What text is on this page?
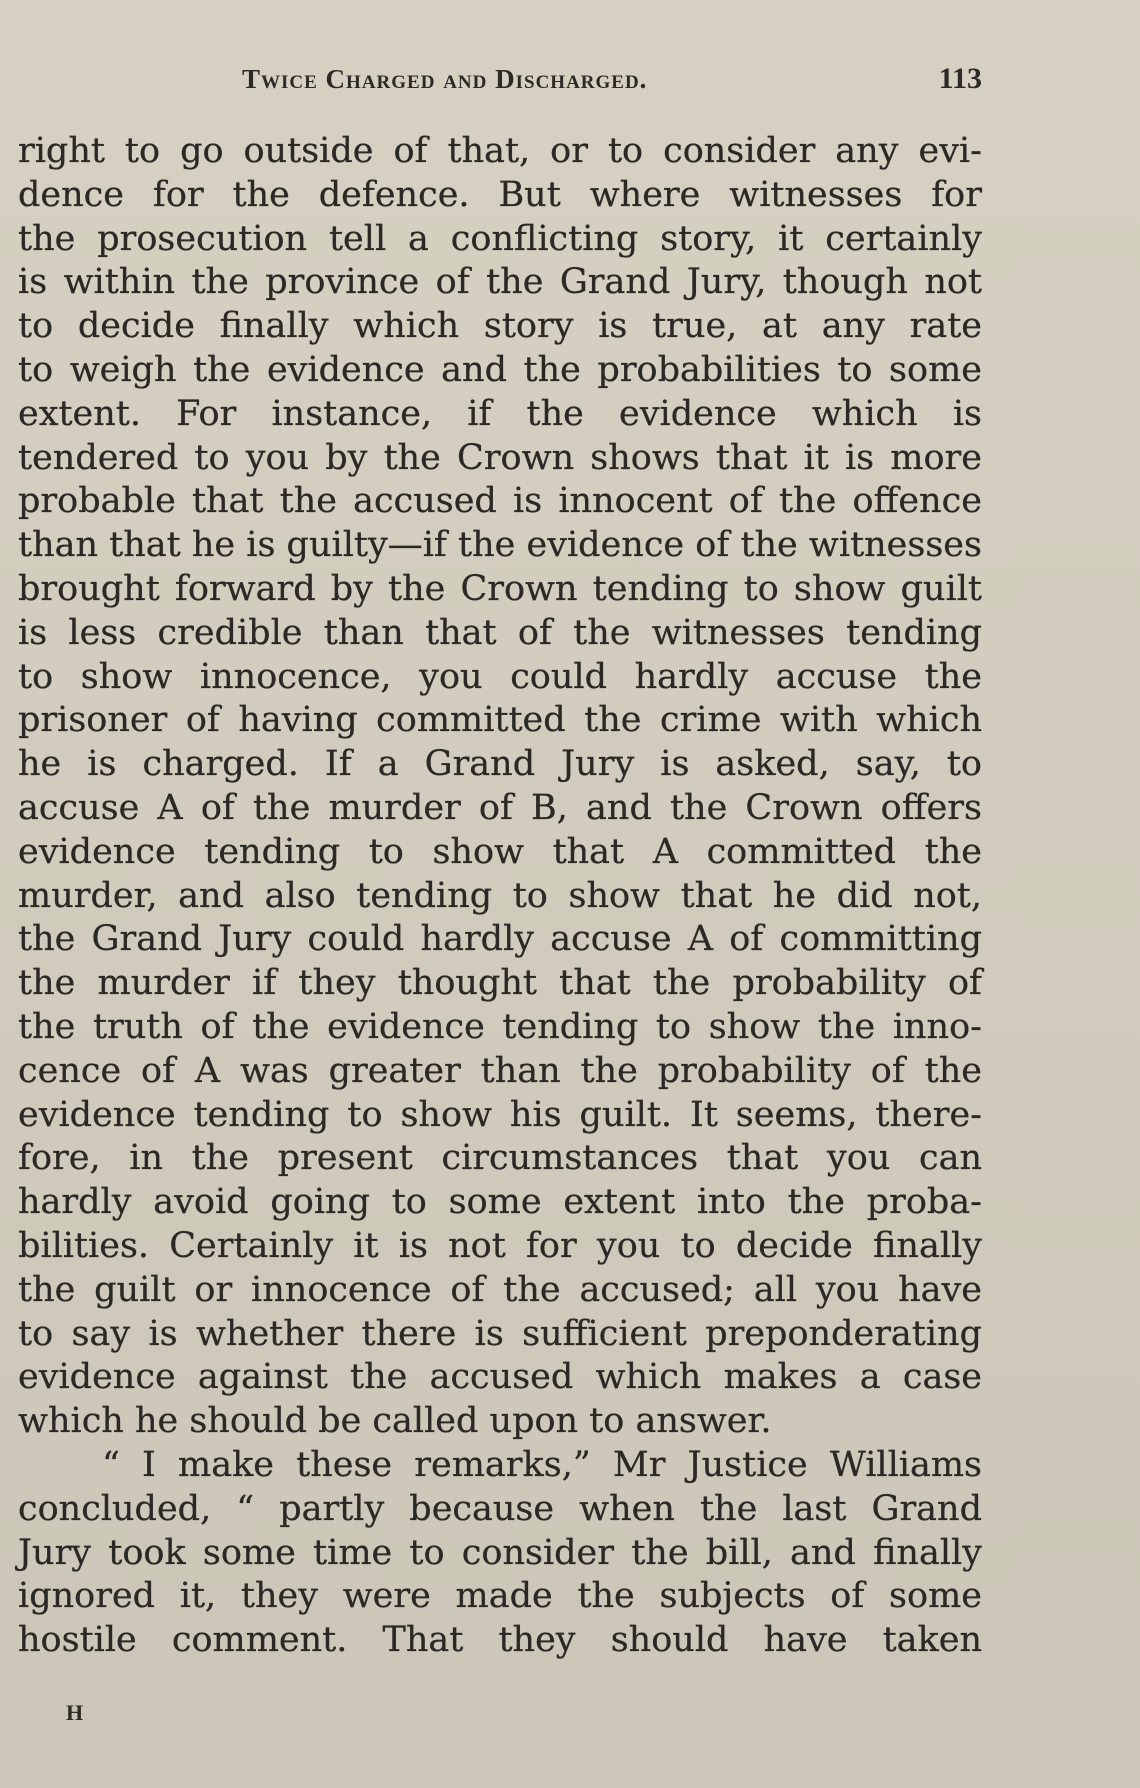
Twice Charged and Discharged.	113
right to go outside of that, or to consider any evi-
dence for the defence. But where witnesses for
the prosecution tell a conflicting story, it certainly
is within the province of the Grand Jury, though not
to decide finally which story is true, at any rate
to weigh the evidence and the probabilities to some
extent. For instance, if the evidence which is
tendered to you by the Crown shows that it is more
probable that the accused is innocent of the offence
than that he is guilty—if the evidence of the witnesses
brought forward by the Crown tending to show guilt
is less credible than that of the witnesses tending
to show innocence, you could hardly accuse the
prisoner of having committed the crime with which
he is charged. If a Grand Jury is asked, say, to
accuse A of the murder of B, and the Crown offers
evidence tending to show that A committed the
murder, and also tending to show that he did not,
the Grand Jury could hardly accuse A of committing
the murder if they thought that the probability of
the truth of the evidence tending to show the inno-
cence of A was greater than the probability of the
evidence tending to show his guilt. It seems, there-
fore, in the present circumstances that you can
hardly avoid going to some extent into the proba-
bilities. Certainly it is not for you to decide finally
the guilt or innocence of the accused; all you have
to say is whether there is sufficient preponderating
evidence against the accused which makes a case
which he should be called upon to answer.
“ I make these remarks,” Mr Justice Williams
concluded, “ partly because when the last Grand
Jury took some time to consider the bill, and finally
ignored it, they were made the subjects of some
hostile comment. That they should have taken
H
